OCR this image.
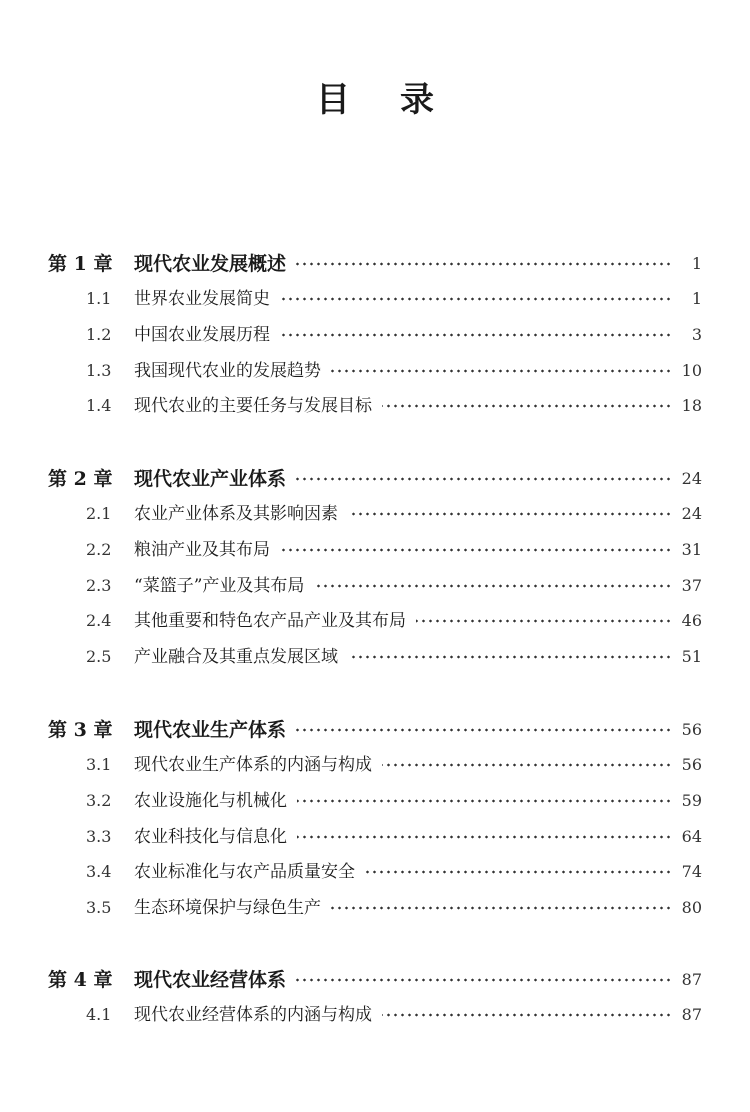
目 录
第 1 章 现代农业发展概述	1
1.1 世界农业发展简史	1
1.2 中国农业发展历程	3
1.3 我国现代农业的发展趋势	10
1.4 现代农业的主要任务与发展目标	18
第 2 章 现代农业产业体系	24
2.1 农业产业体系及其影响因素	24
2.2 粮油产业及其布局	31
2.3 “菜篮子”产业及其布局	37
2.4 其他重要和特色农产品产业及其布局	46
2.5 产业融合及其重点发展区域	51
第 3 章 现代农业生产体系	56
3.1 现代农业生产体系的内涵与构成	56
3.2 农业设施化与机械化	59
3.3 农业科技化与信息化	64
3.4 农业标准化与农产品质量安全	74
3.5 生态环境保护与绿色生产	80
第 4 章 现代农业经营体系	87
4.1 现代农业经营体系的内涵与构成	87
